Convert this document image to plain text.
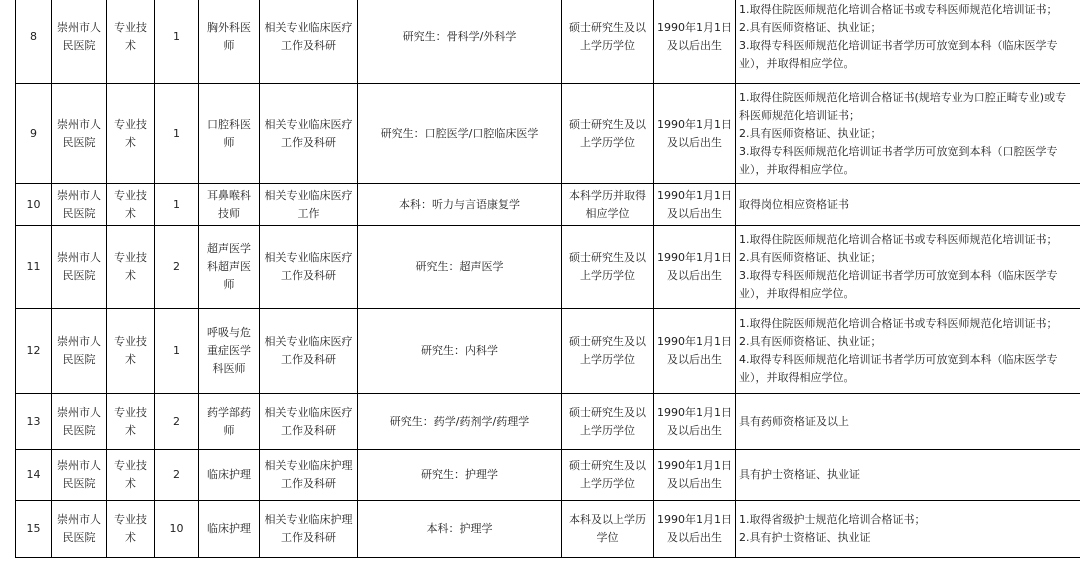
8	崇州市人民医院	专业技术	1	胸外科医师	相关专业临床医疗工作及科研	研究生：骨科学/外科学	硕士研究生及以上学历学位	1990年1月1日及以后出生	1.取得住院医师规范化培训合格证书或专科医师规范化培训证书；
2.具有医师资格证、执业证；
3.取得专科医师规范化培训证书者学历可放宽到本科（临床医学专业），并取得相应学位。

9	崇州市人民医院	专业技术	1	口腔科医师	相关专业临床医疗工作及科研	研究生：口腔医学/口腔临床医学	硕士研究生及以上学历学位	1990年1月1日及以后出生	1.取得住院医师规范化培训合格证书(规培专业为口腔正畸专业)或专科医师规范化培训证书；
2.具有医师资格证、执业证；
3.取得专科医师规范化培训证书者学历可放宽到本科（口腔医学专业），并取得相应学位。

10	崇州市人民医院	专业技术	1	耳鼻喉科技师	相关专业临床医疗工作	本科：听力与言语康复学	本科学历并取得相应学位	1990年1月1日及以后出生	取得岗位相应资格证书

11	崇州市人民医院	专业技术	2	超声医学科超声医师	相关专业临床医疗工作及科研	研究生：超声医学	硕士研究生及以上学历学位	1990年1月1日及以后出生	1.取得住院医师规范化培训合格证书或专科医师规范化培训证书；
2.具有医师资格证、执业证；
3.取得专科医师规范化培训证书者学历可放宽到本科（临床医学专业），并取得相应学位。

12	崇州市人民医院	专业技术	1	呼吸与危重症医学科医师	相关专业临床医疗工作及科研	研究生：内科学	硕士研究生及以上学历学位	1990年1月1日及以后出生	1.取得住院医师规范化培训合格证书或专科医师规范化培训证书；
2.具有医师资格证、执业证；
4.取得专科医师规范化培训证书者学历可放宽到本科（临床医学专业），并取得相应学位。

13	崇州市人民医院	专业技术	2	药学部药师	相关专业临床医疗工作及科研	研究生：药学/药剂学/药理学	硕士研究生及以上学历学位	1990年1月1日及以后出生	具有药师资格证及以上

14	崇州市人民医院	专业技术	2	临床护理	相关专业临床护理工作及科研	研究生：护理学	硕士研究生及以上学历学位	1990年1月1日及以后出生	具有护士资格证、执业证

15	崇州市人民医院	专业技术	10	临床护理	相关专业临床护理工作及科研	本科：护理学	本科及以上学历学位	1990年1月1日及以后出生	1.取得省级护士规范化培训合格证书；
2.具有护士资格证、执业证
